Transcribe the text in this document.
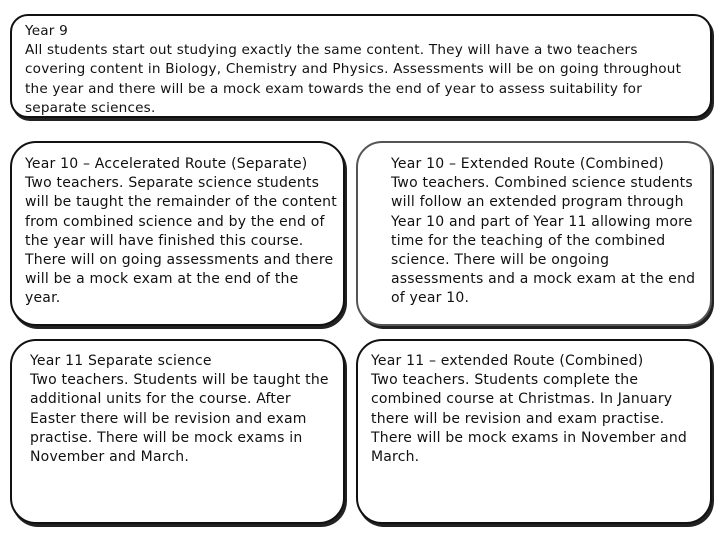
Year 9
All students start out studying exactly the same content. They will have a two teachers covering content in Biology, Chemistry and Physics. Assessments will be on going throughout the year and there will be a mock exam towards the end of year to assess suitability for separate sciences.
Year 10 – Accelerated Route (Separate)
Two teachers. Separate science students will be taught the remainder of the content from combined science and by the end of the year will have finished this course. There will on going assessments and there will be a mock exam at the end of the year.
Year 10 – Extended Route (Combined)
Two teachers. Combined science students will follow an extended program through Year 10 and part of Year 11 allowing more time for the teaching of the combined science. There will be ongoing assessments and a mock exam at the end of year 10.
Year 11 Separate science
Two teachers. Students will be taught the additional units for the course. After Easter there will be revision and exam practise. There will be mock exams in November and March.
Year 11 – extended Route (Combined)
Two teachers. Students complete the combined course at Christmas. In January there will be revision and exam practise. There will be mock exams in November and March.
